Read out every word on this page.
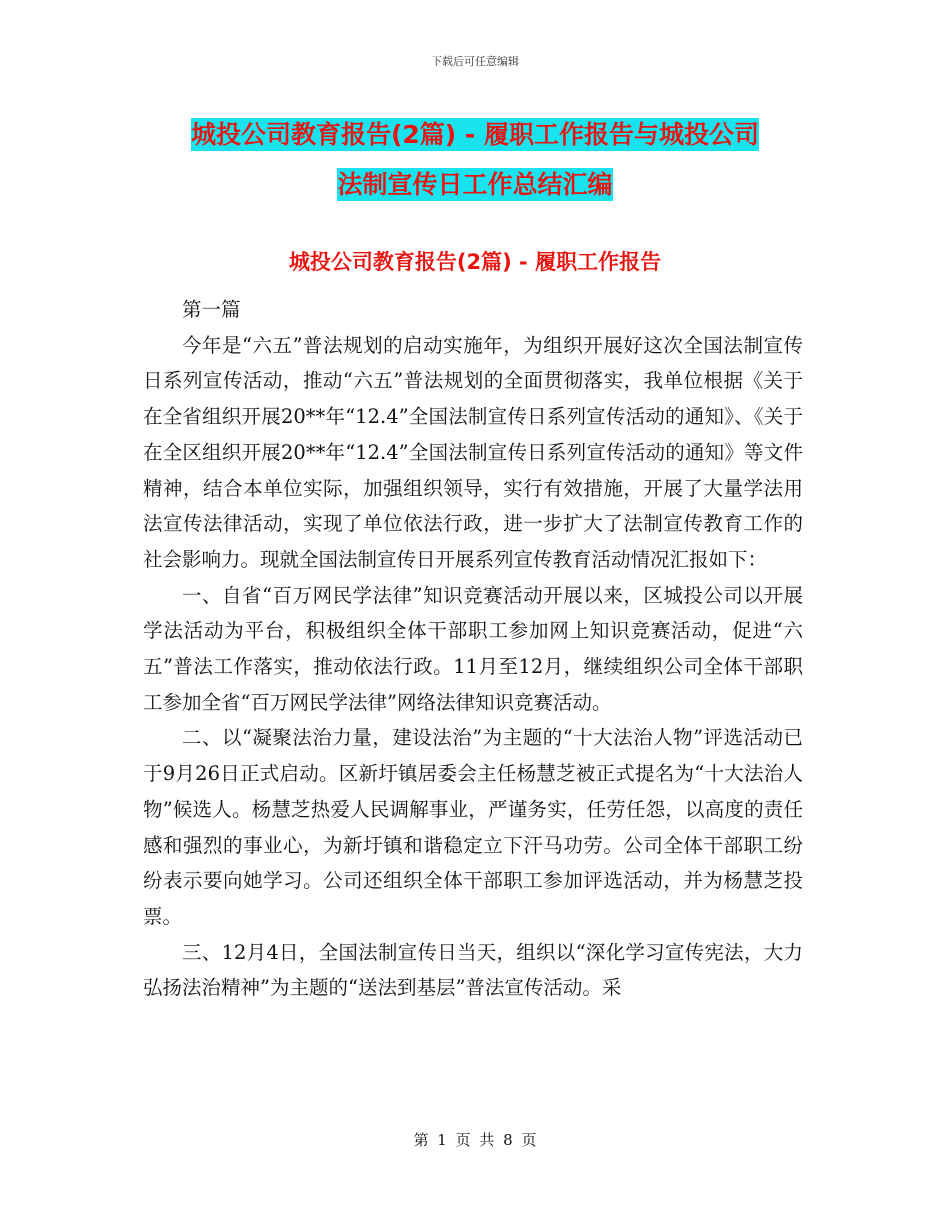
下载后可任意编辑
城投公司教育报告(2篇) - 履职工作报告与城投公司
法制宣传日工作总结汇编
城投公司教育报告(2篇) - 履职工作报告

第一篇

今年是“六五”普法规划的启动实施年，为组织开展好这次全国法制宣传日系列宣传活动，推动“六五”普法规划的全面贯彻落实，我单位根据《关于在全省组织开展20**年“12.4”全国法制宣传日系列宣传活动的通知》、《关于在全区组织开展20**年“12.4”全国法制宣传日系列宣传活动的通知》等文件精神，结合本单位实际，加强组织领导，实行有效措施，开展了大量学法用法宣传法律活动，实现了单位依法行政，进一步扩大了法制宣传教育工作的社会影响力。现就全国法制宣传日开展系列宣传教育活动情况汇报如下：

一、自省“百万网民学法律”知识竞赛活动开展以来，区城投公司以开展学法活动为平台，积极组织全体干部职工参加网上知识竞赛活动，促进“六五”普法工作落实，推动依法行政。11月至12月，继续组织公司全体干部职工参加全省“百万网民学法律”网络法律知识竞赛活动。

二、以“凝聚法治力量，建设法治”为主题的“十大法治人物”评选活动已于9月26日正式启动。区新圩镇居委会主任杨慧芝被正式提名为“十大法治人物”候选人。杨慧芝热爱人民调解事业，严谨务实，任劳任怨，以高度的责任感和强烈的事业心，为新圩镇和谐稳定立下汗马功劳。公司全体干部职工纷纷表示要向她学习。公司还组织全体干部职工参加评选活动，并为杨慧芝投票。

三、12月4日，全国法制宣传日当天，组织以“深化学习宣传宪法，大力弘扬法治精神”为主题的“送法到基层”普法宣传活动。采

第 1 页 共 8 页
